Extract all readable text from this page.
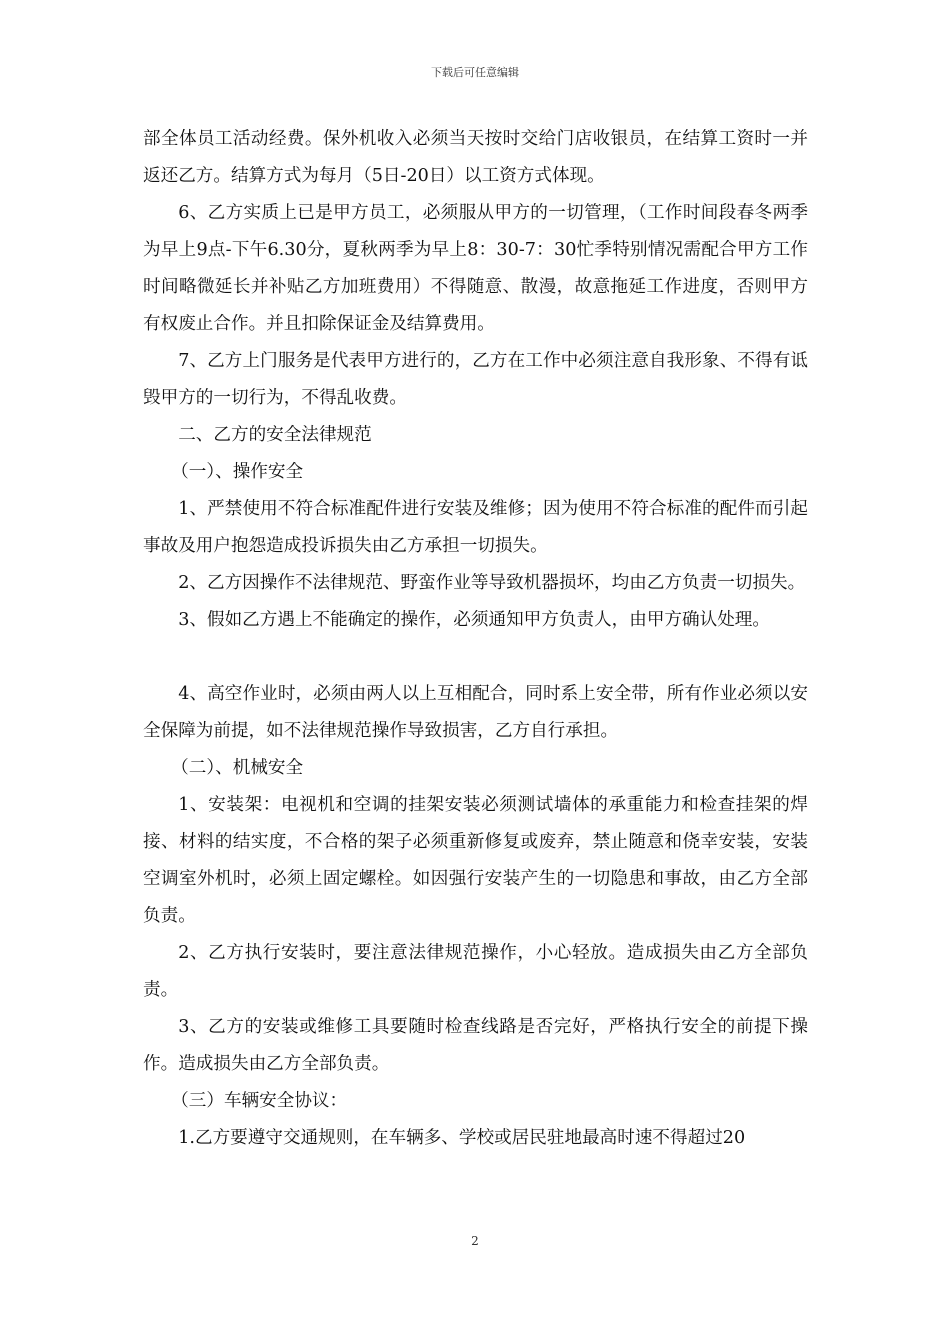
下载后可任意编辑

部全体员工活动经费。保外机收入必须当天按时交给门店收银员，在结算工资时一并返还乙方。结算方式为每月（5日-20日）以工资方式体现。

6、乙方实质上已是甲方员工，必须服从甲方的一切管理，（工作时间段春冬两季为早上9点-下午6.30分，夏秋两季为早上8：30-7：30忙季特别情况需配合甲方工作时间略微延长并补贴乙方加班费用）不得随意、散漫，故意拖延工作进度，否则甲方有权废止合作。并且扣除保证金及结算费用。

7、乙方上门服务是代表甲方进行的，乙方在工作中必须注意自我形象、不得有诋毁甲方的一切行为，不得乱收费。

二、乙方的安全法律规范

（一）、操作安全

1、严禁使用不符合标准配件进行安装及维修；因为使用不符合标准的配件而引起事故及用户抱怨造成投诉损失由乙方承担一切损失。

2、乙方因操作不法律规范、野蛮作业等导致机器损坏，均由乙方负责一切损失。

3、假如乙方遇上不能确定的操作，必须通知甲方负责人，由甲方确认处理。

4、高空作业时，必须由两人以上互相配合，同时系上安全带，所有作业必须以安全保障为前提，如不法律规范操作导致损害，乙方自行承担。

（二）、机械安全

1、安装架：电视机和空调的挂架安装必须测试墙体的承重能力和检查挂架的焊接、材料的结实度，不合格的架子必须重新修复或废弃，禁止随意和侥幸安装，安装空调室外机时，必须上固定螺栓。如因强行安装产生的一切隐患和事故，由乙方全部负责。

2、乙方执行安装时，要注意法律规范操作，小心轻放。造成损失由乙方全部负责。

3、乙方的安装或维修工具要随时检查线路是否完好，严格执行安全的前提下操作。造成损失由乙方全部负责。

（三）车辆安全协议：

1.乙方要遵守交通规则，在车辆多、学校或居民驻地最高时速不得超过20

2
